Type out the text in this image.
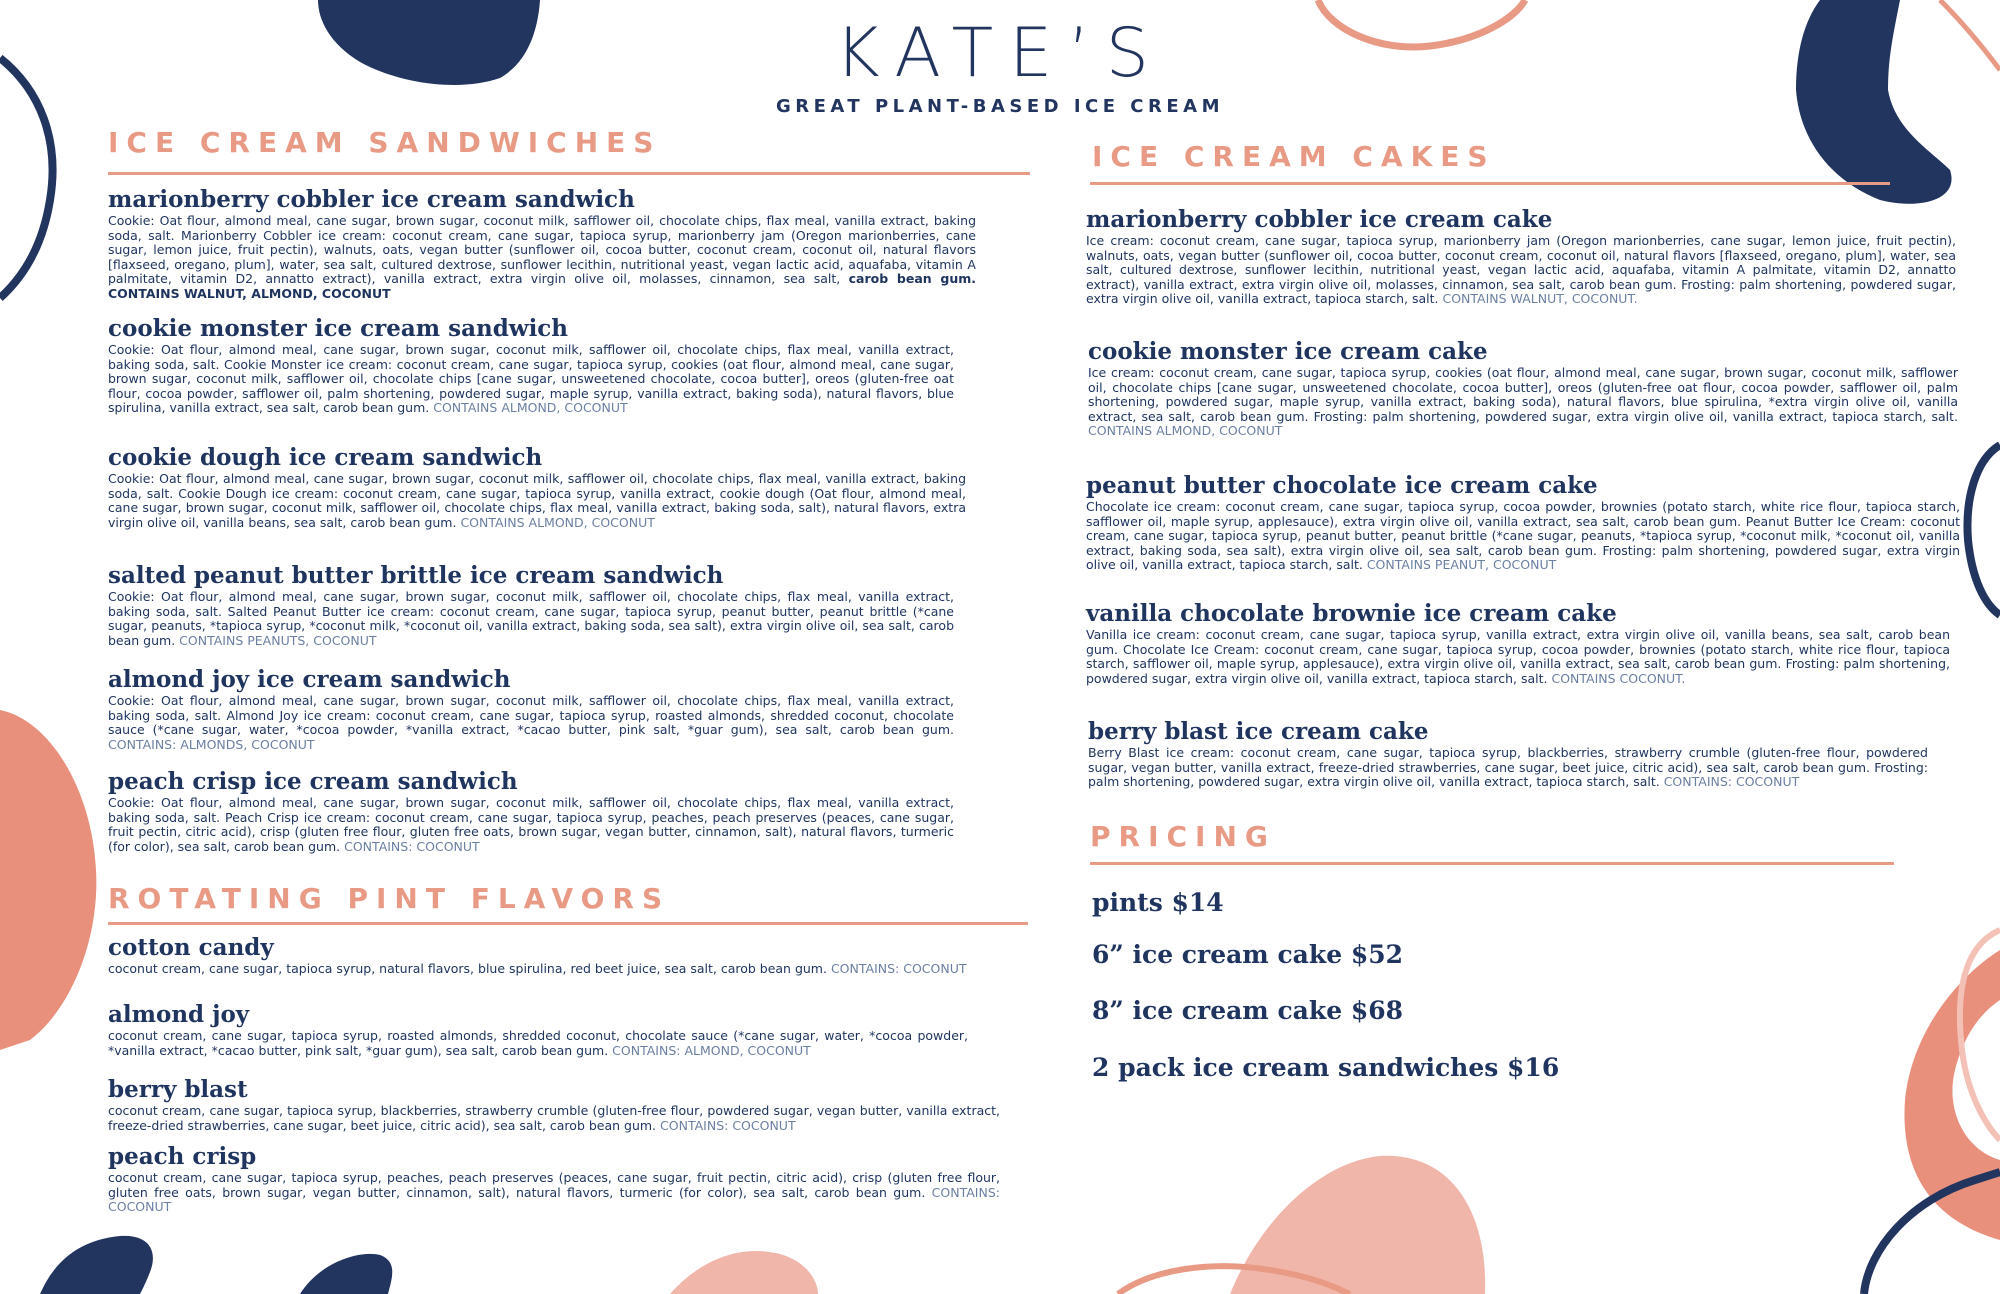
KATE’S
GREAT PLANT-BASED ICE CREAM
ICE CREAM SANDWICHES
marionberry cobbler ice cream sandwich
Cookie: Oat flour, almond meal, cane sugar, brown sugar, coconut milk, safflower oil, chocolate chips, flax meal, vanilla extract, baking soda, salt. Marionberry Cobbler ice cream: coconut cream, cane sugar, tapioca syrup, marionberry jam (Oregon marionberries, cane sugar, lemon juice, fruit pectin), walnuts, oats, vegan butter (sunflower oil, cocoa butter, coconut cream, coconut oil, natural flavors [flaxseed, oregano, plum], water, sea salt, cultured dextrose, sunflower lecithin, nutritional yeast, vegan lactic acid, aquafaba, vitamin A palmitate, vitamin D2, annatto extract), vanilla extract, extra virgin olive oil, molasses, cinnamon, sea salt, carob bean gum. CONTAINS WALNUT, ALMOND, COCONUT
cookie monster ice cream sandwich
Cookie: Oat flour, almond meal, cane sugar, brown sugar, coconut milk, safflower oil, chocolate chips, flax meal, vanilla extract, baking soda, salt. Cookie Monster ice cream: coconut cream, cane sugar, tapioca syrup, cookies (oat flour, almond meal, cane sugar, brown sugar, coconut milk, safflower oil, chocolate chips [cane sugar, unsweetened chocolate, cocoa butter], oreos (gluten-free oat flour, cocoa powder, safflower oil, palm shortening, powdered sugar, maple syrup, vanilla extract, baking soda), natural flavors, blue spirulina, vanilla extract, sea salt, carob bean gum. CONTAINS ALMOND, COCONUT
cookie dough ice cream sandwich
Cookie: Oat flour, almond meal, cane sugar, brown sugar, coconut milk, safflower oil, chocolate chips, flax meal, vanilla extract, baking soda, salt. Cookie Dough ice cream: coconut cream, cane sugar, tapioca syrup, vanilla extract, cookie dough (Oat flour, almond meal, cane sugar, brown sugar, coconut milk, safflower oil, chocolate chips, flax meal, vanilla extract, baking soda, salt), natural flavors, extra virgin olive oil, vanilla beans, sea salt, carob bean gum. CONTAINS ALMOND, COCONUT
salted peanut butter brittle ice cream sandwich
Cookie: Oat flour, almond meal, cane sugar, brown sugar, coconut milk, safflower oil, chocolate chips, flax meal, vanilla extract, baking soda, salt. Salted Peanut Butter ice cream: coconut cream, cane sugar, tapioca syrup, peanut butter, peanut brittle (*cane sugar, peanuts, *tapioca syrup, *coconut milk, *coconut oil, vanilla extract, baking soda, sea salt), extra virgin olive oil, sea salt, carob bean gum. CONTAINS PEANUTS, COCONUT
almond joy ice cream sandwich
Cookie: Oat flour, almond meal, cane sugar, brown sugar, coconut milk, safflower oil, chocolate chips, flax meal, vanilla extract, baking soda, salt. Almond Joy ice cream: coconut cream, cane sugar, tapioca syrup, roasted almonds, shredded coconut, chocolate sauce (*cane sugar, water, *cocoa powder, *vanilla extract, *cacao butter, pink salt, *guar gum), sea salt, carob bean gum. CONTAINS: ALMONDS, COCONUT
peach crisp ice cream sandwich
Cookie: Oat flour, almond meal, cane sugar, brown sugar, coconut milk, safflower oil, chocolate chips, flax meal, vanilla extract, baking soda, salt. Peach Crisp ice cream: coconut cream, cane sugar, tapioca syrup, peaches, peach preserves (peaces, cane sugar, fruit pectin, citric acid), crisp (gluten free flour, gluten free oats, brown sugar, vegan butter, cinnamon, salt), natural flavors, turmeric (for color), sea salt, carob bean gum. CONTAINS: COCONUT
ROTATING PINT FLAVORS
cotton candy
coconut cream, cane sugar, tapioca syrup, natural flavors, blue spirulina, red beet juice, sea salt, carob bean gum. CONTAINS: COCONUT
almond joy
coconut cream, cane sugar, tapioca syrup, roasted almonds, shredded coconut, chocolate sauce (*cane sugar, water, *cocoa powder, *vanilla extract, *cacao butter, pink salt, *guar gum), sea salt, carob bean gum. CONTAINS: ALMOND, COCONUT
berry blast
coconut cream, cane sugar, tapioca syrup, blackberries, strawberry crumble (gluten-free flour, powdered sugar, vegan butter, vanilla extract, freeze-dried strawberries, cane sugar, beet juice, citric acid), sea salt, carob bean gum. CONTAINS: COCONUT
peach crisp
coconut cream, cane sugar, tapioca syrup, peaches, peach preserves (peaces, cane sugar, fruit pectin, citric acid), crisp (gluten free flour, gluten free oats, brown sugar, vegan butter, cinnamon, salt), natural flavors, turmeric (for color), sea salt, carob bean gum. CONTAINS: COCONUT
ICE CREAM CAKES
marionberry cobbler ice cream cake
Ice cream: coconut cream, cane sugar, tapioca syrup, marionberry jam (Oregon marionberries, cane sugar, lemon juice, fruit pectin), walnuts, oats, vegan butter (sunflower oil, cocoa butter, coconut cream, coconut oil, natural flavors [flaxseed, oregano, plum], water, sea salt, cultured dextrose, sunflower lecithin, nutritional yeast, vegan lactic acid, aquafaba, vitamin A palmitate, vitamin D2, annatto extract), vanilla extract, extra virgin olive oil, molasses, cinnamon, sea salt, carob bean gum. Frosting: palm shortening, powdered sugar, extra virgin olive oil, vanilla extract, tapioca starch, salt. CONTAINS WALNUT, COCONUT.
cookie monster ice cream cake
Ice cream: coconut cream, cane sugar, tapioca syrup, cookies (oat flour, almond meal, cane sugar, brown sugar, coconut milk, safflower oil, chocolate chips [cane sugar, unsweetened chocolate, cocoa butter], oreos (gluten-free oat flour, cocoa powder, safflower oil, palm shortening, powdered sugar, maple syrup, vanilla extract, baking soda), natural flavors, blue spirulina, *extra virgin olive oil, vanilla extract, sea salt, carob bean gum. Frosting: palm shortening, powdered sugar, extra virgin olive oil, vanilla extract, tapioca starch, salt. CONTAINS ALMOND, COCONUT
peanut butter chocolate ice cream cake
Chocolate ice cream: coconut cream, cane sugar, tapioca syrup, cocoa powder, brownies (potato starch, white rice flour, tapioca starch, safflower oil, maple syrup, applesauce), extra virgin olive oil, vanilla extract, sea salt, carob bean gum. Peanut Butter Ice Cream: coconut cream, cane sugar, tapioca syrup, peanut butter, peanut brittle (*cane sugar, peanuts, *tapioca syrup, *coconut milk, *coconut oil, vanilla extract, baking soda, sea salt), extra virgin olive oil, sea salt, carob bean gum. Frosting: palm shortening, powdered sugar, extra virgin olive oil, vanilla extract, tapioca starch, salt. CONTAINS PEANUT, COCONUT
vanilla chocolate brownie ice cream cake
Vanilla ice cream: coconut cream, cane sugar, tapioca syrup, vanilla extract, extra virgin olive oil, vanilla beans, sea salt, carob bean gum. Chocolate Ice Cream: coconut cream, cane sugar, tapioca syrup, cocoa powder, brownies (potato starch, white rice flour, tapioca starch, safflower oil, maple syrup, applesauce), extra virgin olive oil, vanilla extract, sea salt, carob bean gum. Frosting: palm shortening, powdered sugar, extra virgin olive oil, vanilla extract, tapioca starch, salt. CONTAINS COCONUT.
berry blast ice cream cake
Berry Blast ice cream: coconut cream, cane sugar, tapioca syrup, blackberries, strawberry crumble (gluten-free flour, powdered sugar, vegan butter, vanilla extract, freeze-dried strawberries, cane sugar, beet juice, citric acid), sea salt, carob bean gum. Frosting: palm shortening, powdered sugar, extra virgin olive oil, vanilla extract, tapioca starch, salt. CONTAINS: COCONUT
PRICING
pints $14
6” ice cream cake $52
8” ice cream cake $68
2 pack ice cream sandwiches $16
